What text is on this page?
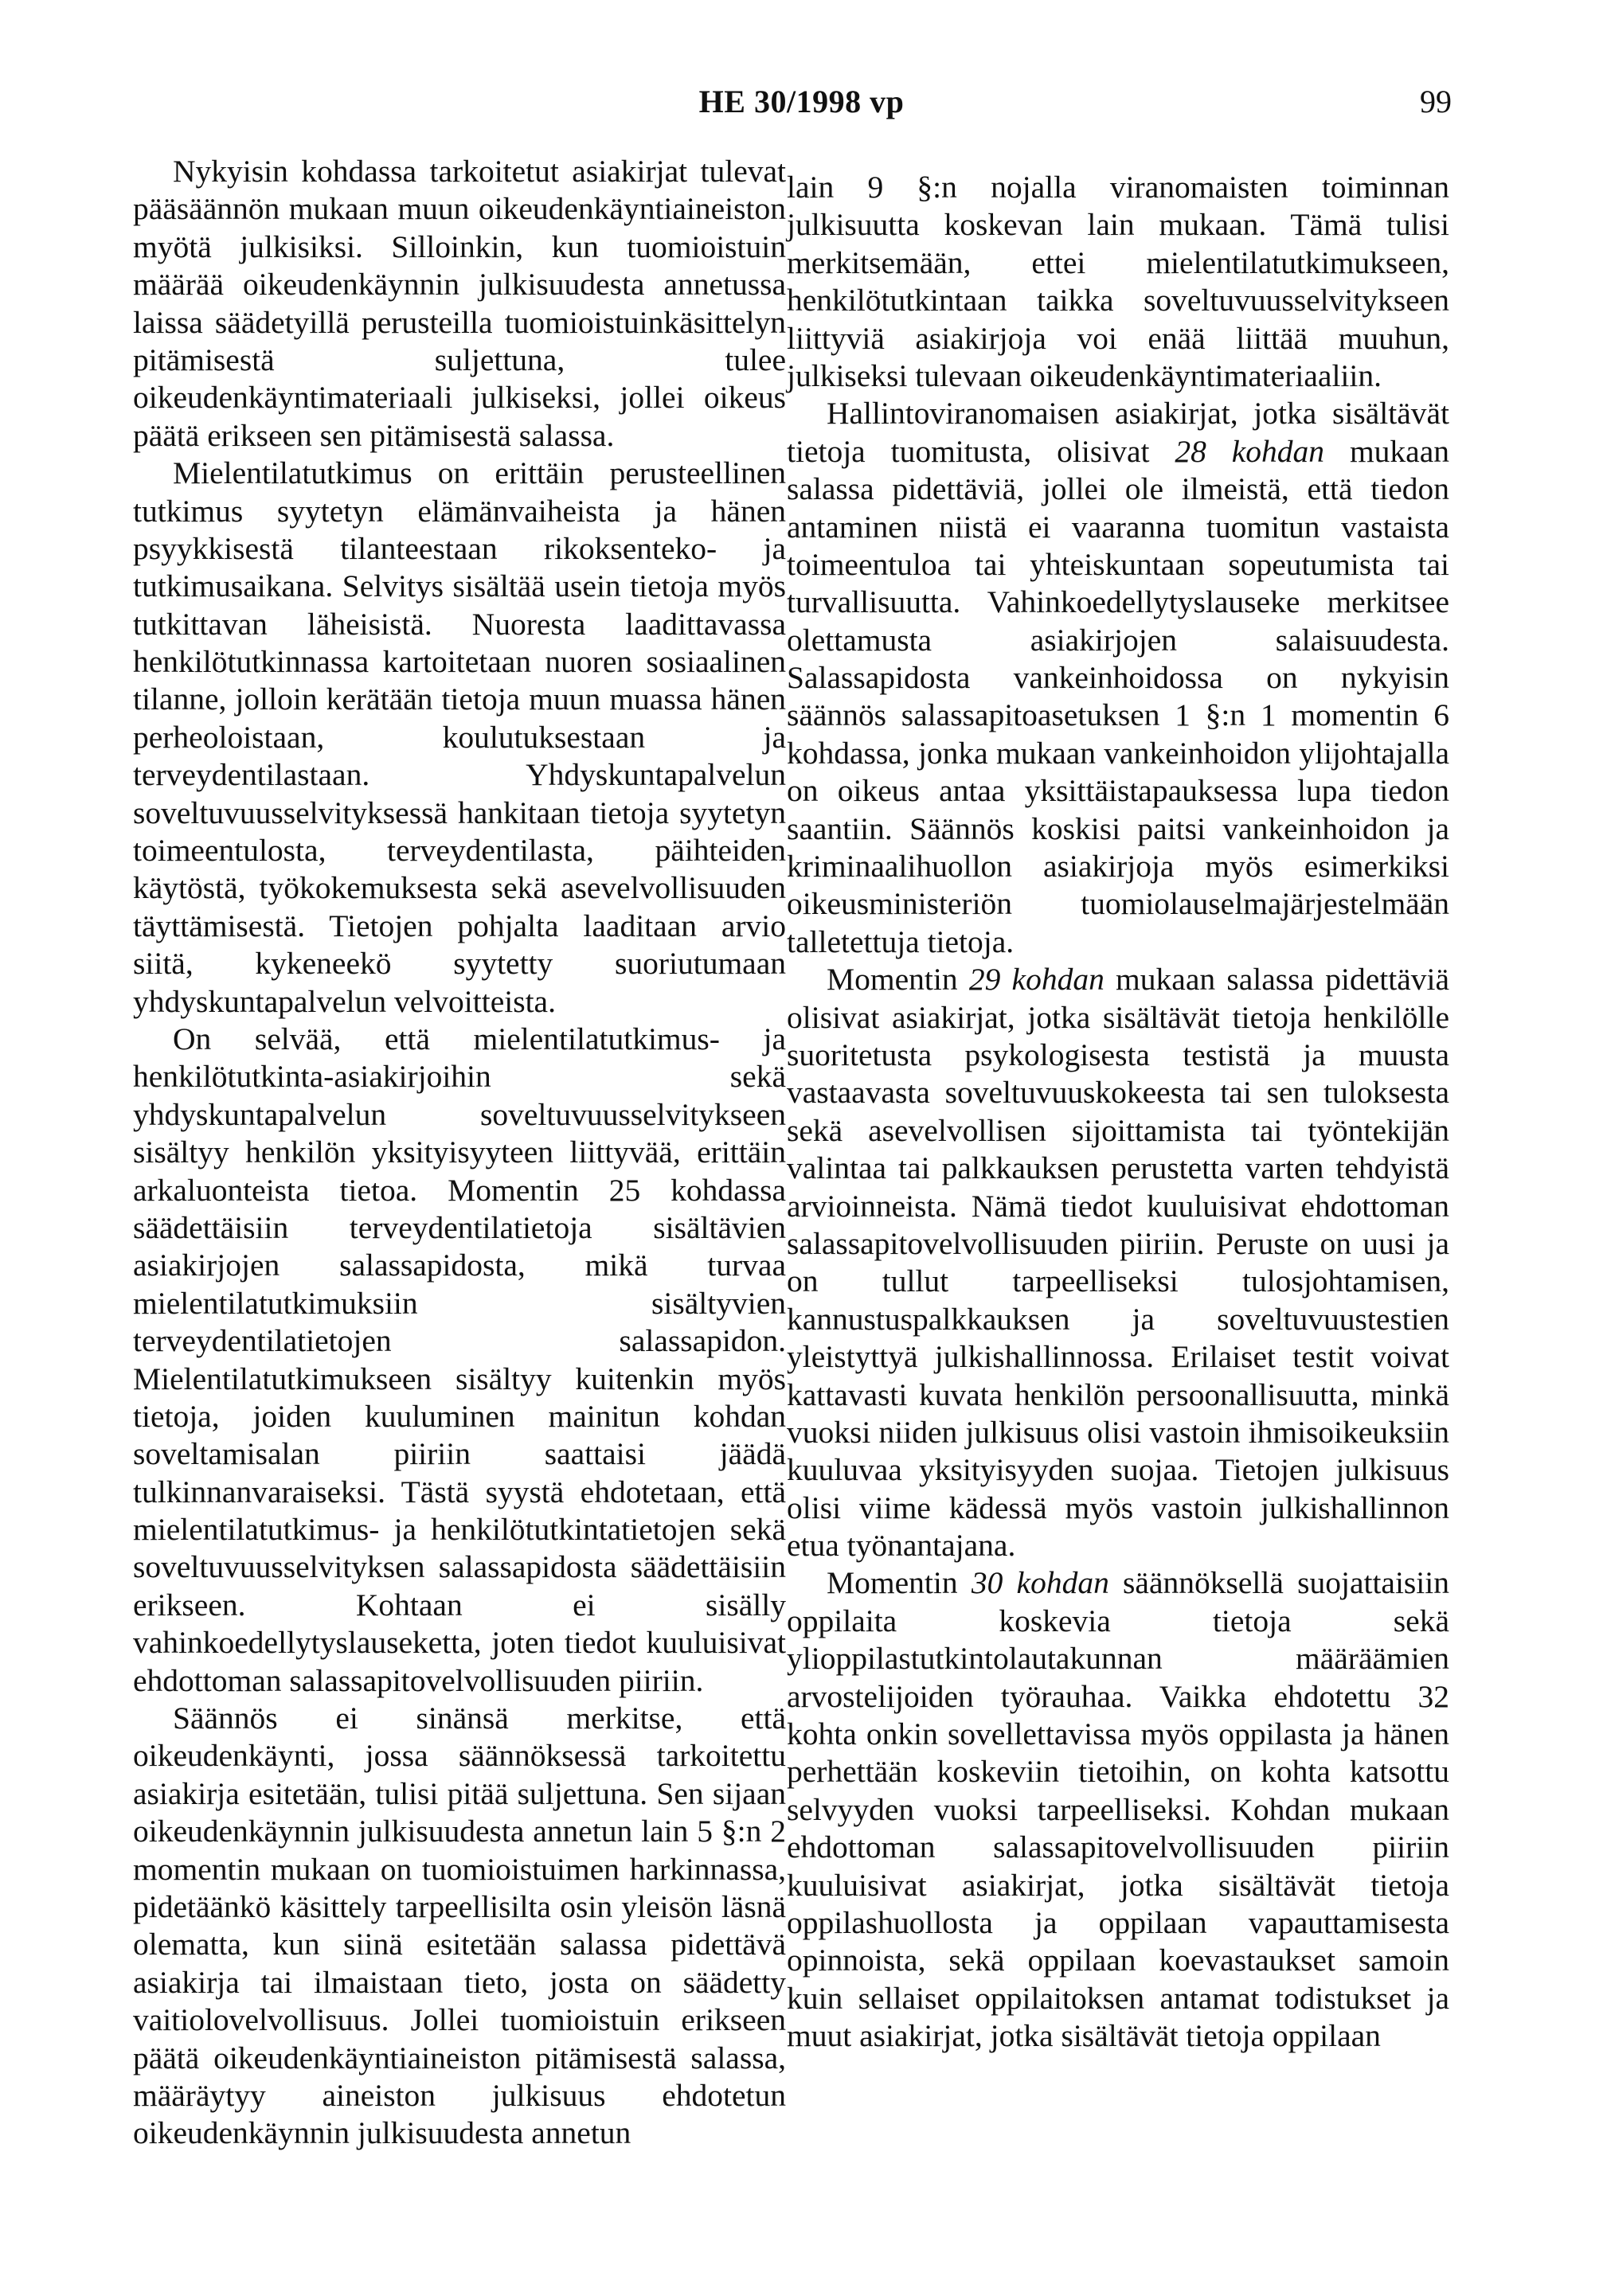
HE 30/1998 vp	99

Nykyisin kohdassa tarkoitetut asiakirjat tulevat pääsäännön mukaan muun oikeudenkäyntiaineiston myötä julkisiksi. Silloinkin, kun tuomioistuin määrää oikeudenkäynnin julkisuudesta annetussa laissa säädetyillä perusteilla tuomioistuinkäsittelyn pitämisestä suljettuna, tulee oikeudenkäyntimateriaali julkiseksi, jollei oikeus päätä erikseen sen pitämisestä salassa.

Mielentilatutkimus on erittäin perusteellinen tutkimus syytetyn elämänvaiheista ja hänen psyykkisestä tilanteestaan rikoksenteko- ja tutkimusaikana. Selvitys sisältää usein tietoja myös tutkittavan läheisistä. Nuoresta laadittavassa henkilötutkinnassa kartoitetaan nuoren sosiaalinen tilanne, jolloin kerätään tietoja muun muassa hänen perheoloistaan, koulutuksestaan ja terveydentilastaan. Yhdyskuntapalvelun soveltuvuusselvityksessä hankitaan tietoja syytetyn toimeentulosta, terveydentilasta, päihteiden käytöstä, työkokemuksesta sekä asevelvollisuuden täyttämisestä. Tietojen pohjalta laaditaan arvio siitä, kykeneekö syytetty suoriutumaan yhdyskuntapalvelun velvoitteista.

On selvää, että mielentilatutkimus- ja henkilötutkinta-asiakirjoihin sekä yhdyskuntapalvelun soveltuvuusselvitykseen sisältyy henkilön yksityisyyteen liittyvää, erittäin arkaluonteista tietoa. Momentin 25 kohdassa säädettäisiin terveydentilatietoja sisältävien asiakirjojen salassapidosta, mikä turvaa mielentilatutkimuksiin sisältyvien terveydentilatietojen salassapidon. Mielentilatutkimukseen sisältyy kuitenkin myös tietoja, joiden kuuluminen mainitun kohdan soveltamisalan piiriin saattaisi jäädä tulkinnanvaraiseksi. Tästä syystä ehdotetaan, että mielentilatutkimus- ja henkilötutkintatietojen sekä soveltuvuusselvityksen salassapidosta säädettäisiin erikseen. Kohtaan ei sisälly vahinkoedellytyslauseketta, joten tiedot kuuluisivat ehdottoman salassapitovelvollisuuden piiriin.

Säännös ei sinänsä merkitse, että oikeudenkäynti, jossa säännöksessä tarkoitettu asiakirja esitetään, tulisi pitää suljettuna. Sen sijaan oikeudenkäynnin julkisuudesta annetun lain 5 §:n 2 momentin mukaan on tuomioistuimen harkinnassa, pidetäänkö käsittely tarpeellisilta osin yleisön läsnä olematta, kun siinä esitetään salassa pidettävä asiakirja tai ilmaistaan tieto, josta on säädetty vaitiolovelvollisuus. Jollei tuomioistuin erikseen päätä oikeudenkäyntiaineiston pitämisestä salassa, määräytyy aineiston julkisuus ehdotetun oikeudenkäynnin julkisuudesta annetun

lain 9 §:n nojalla viranomaisten toiminnan julkisuutta koskevan lain mukaan. Tämä tulisi merkitsemään, ettei mielentilatutkimukseen, henkilötutkintaan taikka soveltuvuusselvitykseen liittyviä asiakirjoja voi enää liittää muuhun, julkiseksi tulevaan oikeudenkäyntimateriaaliin.

Hallintoviranomaisen asiakirjat, jotka sisältävät tietoja tuomitusta, olisivat 28 kohdan mukaan salassa pidettäviä, jollei ole ilmeistä, että tiedon antaminen niistä ei vaaranna tuomitun vastaista toimeentuloa tai yhteiskuntaan sopeutumista tai turvallisuutta. Vahinkoedellytyslauseke merkitsee olettamusta asiakirjojen salaisuudesta. Salassapidosta vankeinhoidossa on nykyisin säännös salassapitoasetuksen 1 §:n 1 momentin 6 kohdassa, jonka mukaan vankeinhoidon ylijohtajalla on oikeus antaa yksittäistapauksessa lupa tiedon saantiin. Säännös koskisi paitsi vankeinhoidon ja kriminaalihuollon asiakirjoja myös esimerkiksi oikeusministeriön tuomiolauselmajärjestelmään talletettuja tietoja.

Momentin 29 kohdan mukaan salassa pidettäviä olisivat asiakirjat, jotka sisältävät tietoja henkilölle suoritetusta psykologisesta testistä ja muusta vastaavasta soveltuvuuskokeesta tai sen tuloksesta sekä asevelvollisen sijoittamista tai työntekijän valintaa tai palkkauksen perustetta varten tehdyistä arvioinneista. Nämä tiedot kuuluisivat ehdottoman salassapitovelvollisuuden piiriin. Peruste on uusi ja on tullut tarpeelliseksi tulosjohtamisen, kannustuspalkkauksen ja soveltuvuustestien yleistyttyä julkishallinnossa. Erilaiset testit voivat kattavasti kuvata henkilön persoonallisuutta, minkä vuoksi niiden julkisuus olisi vastoin ihmisoikeuksiin kuuluvaa yksityisyyden suojaa. Tietojen julkisuus olisi viime kädessä myös vastoin julkishallinnon etua työnantajana.

Momentin 30 kohdan säännöksellä suojattaisiin oppilaita koskevia tietoja sekä ylioppilastutkintolautakunnan määräämien arvostelijoiden työrauhaa. Vaikka ehdotettu 32 kohta onkin sovellettavissa myös oppilasta ja hänen perhettään koskeviin tietoihin, on kohta katsottu selvyyden vuoksi tarpeelliseksi. Kohdan mukaan ehdottoman salassapitovelvollisuuden piiriin kuuluisivat asiakirjat, jotka sisältävät tietoja oppilashuollosta ja oppilaan vapauttamisesta opinnoista, sekä oppilaan koevastaukset samoin kuin sellaiset oppilaitoksen antamat todistukset ja muut asiakirjat, jotka sisältävät tietoja oppilaan
